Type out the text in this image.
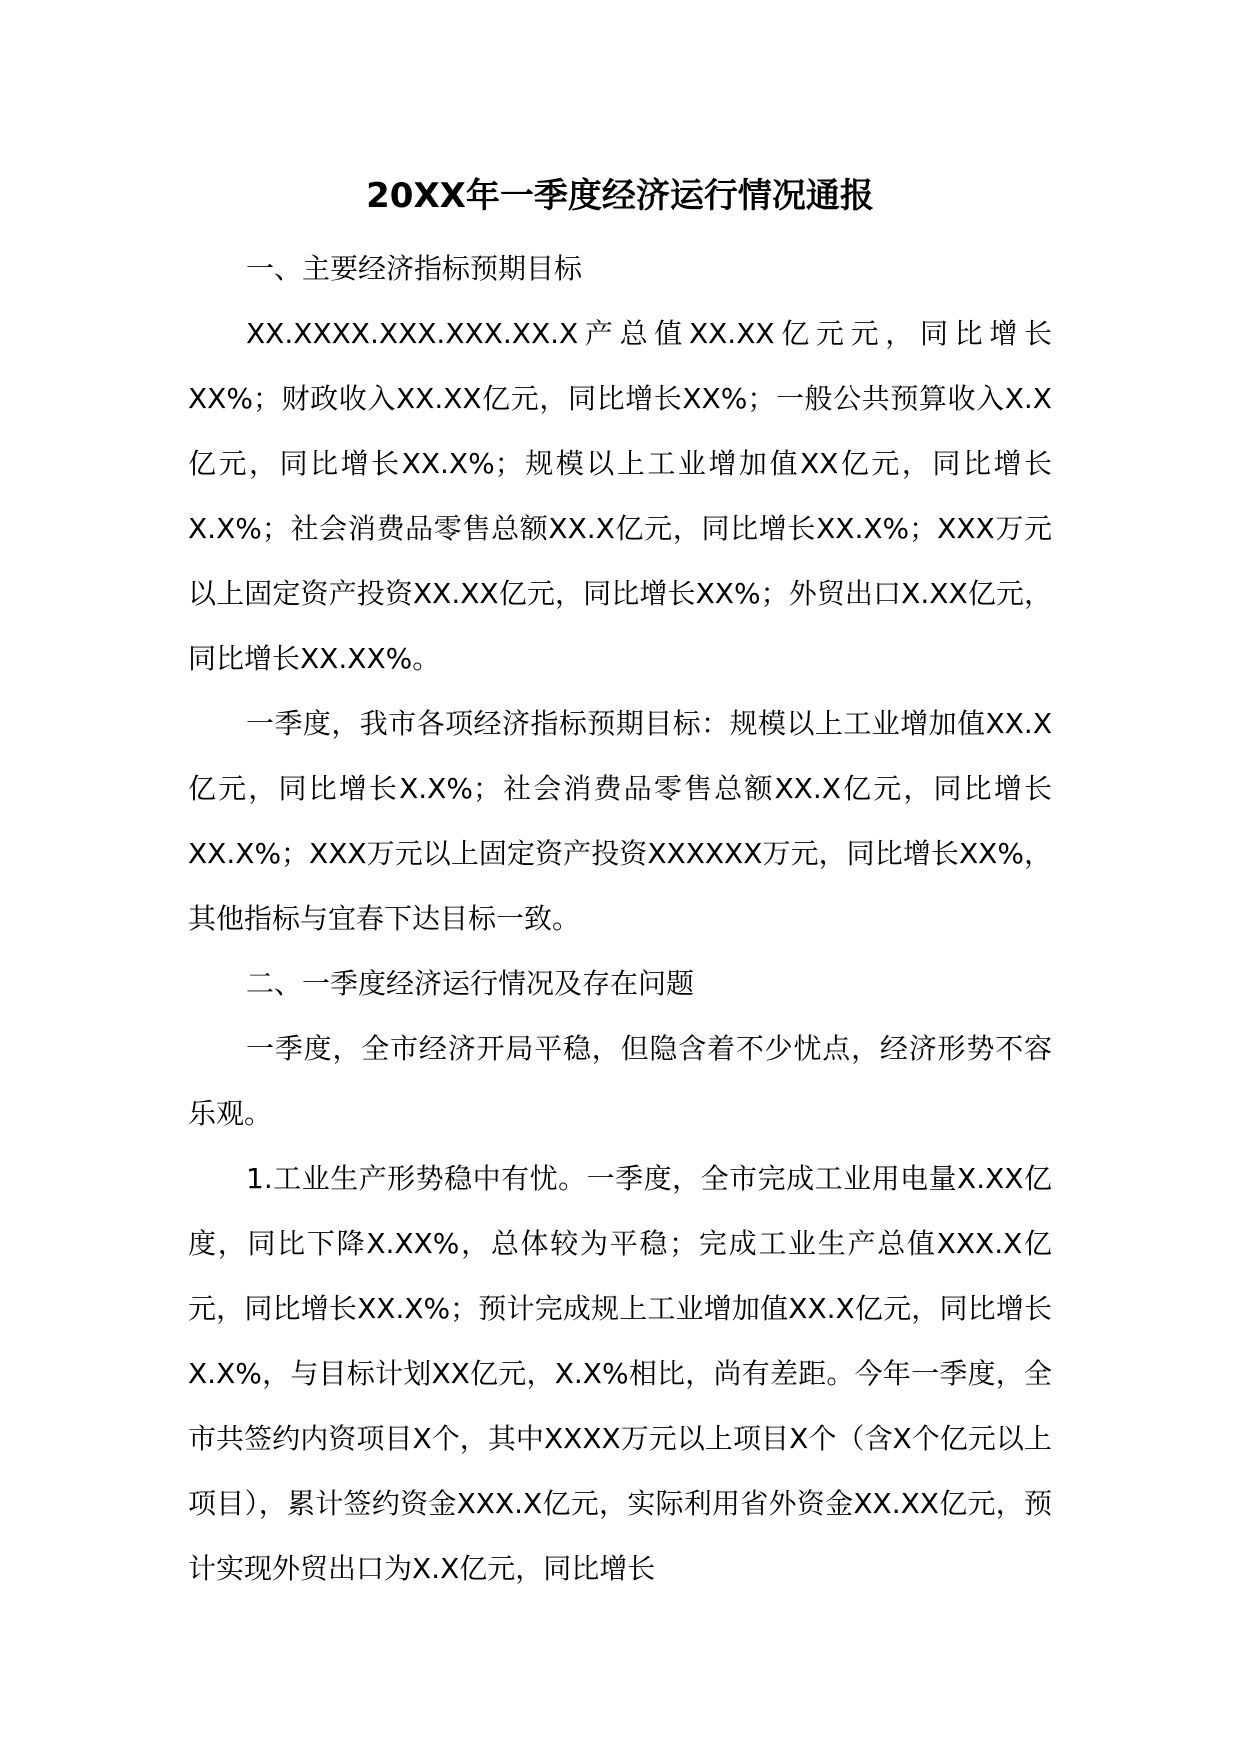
20XX年一季度经济运行情况通报

一、主要经济指标预期目标

XX.XXXX.XXX.XXX.XX.X产总值XX.XX亿元元，同比增长XX%；财政收入XX.XX亿元，同比增长XX%；一般公共预算收入X.X亿元，同比增长XX.X%；规模以上工业增加值XX亿元，同比增长X.X%；社会消费品零售总额XX.X亿元，同比增长XX.X%；XXX万元以上固定资产投资XX.XX亿元，同比增长XX%；外贸出口X.XX亿元，同比增长XX.XX%。

一季度，我市各项经济指标预期目标：规模以上工业增加值XX.X亿元，同比增长X.X%；社会消费品零售总额XX.X亿元，同比增长XX.X%；XXX万元以上固定资产投资XXXXXX万元，同比增长XX%，其他指标与宜春下达目标一致。

二、一季度经济运行情况及存在问题

一季度，全市经济开局平稳，但隐含着不少忧点，经济形势不容乐观。

1.工业生产形势稳中有忧。一季度，全市完成工业用电量X.XX亿度，同比下降X.XX%，总体较为平稳；完成工业生产总值XXX.X亿元，同比增长XX.X%；预计完成规上工业增加值XX.X亿元，同比增长X.X%，与目标计划XX亿元，X.X%相比，尚有差距。今年一季度，全市共签约内资项目X个，其中XXXX万元以上项目X个（含X个亿元以上项目），累计签约资金XXX.X亿元，实际利用省外资金XX.XX亿元，预计实现外贸出口为X.X亿元，同比增长
